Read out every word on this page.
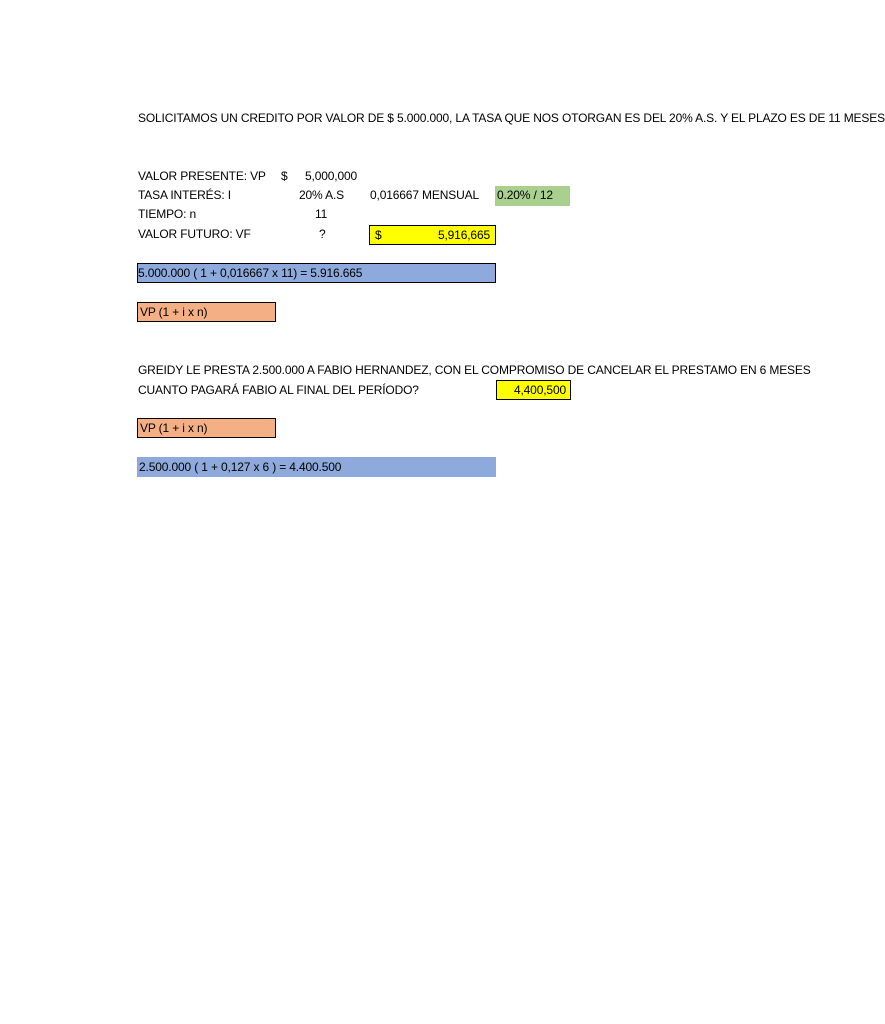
SOLICITAMOS UN CREDITO POR VALOR DE $ 5.000.000, LA TASA QUE NOS OTORGAN ES DEL 20% A.S. Y EL PLAZO ES DE 11 MESES
VALOR PRESENTE: VP $ 5,000,000
TASA INTERÉS: I	20% A.S 0,016667 MENSUAL 0.20% / 12
TIEMPO: n	11
VALOR FUTURO: VF	?	$	5,916,665
5.000.000 ( 1 + 0,016667 x 11) = 5.916.665
VP (1 + i x n)
GREIDY LE PRESTA 2.500.000 A FABIO HERNANDEZ, CON EL COMPROMISO DE CANCELAR EL PRESTAMO EN 6 MESES
CUANTO PAGARÁ FABIO AL FINAL DEL PERÍODO?	4,400,500
VP (1 + i x n)
2.500.000 ( 1 + 0,127 x 6 ) = 4.400.500
